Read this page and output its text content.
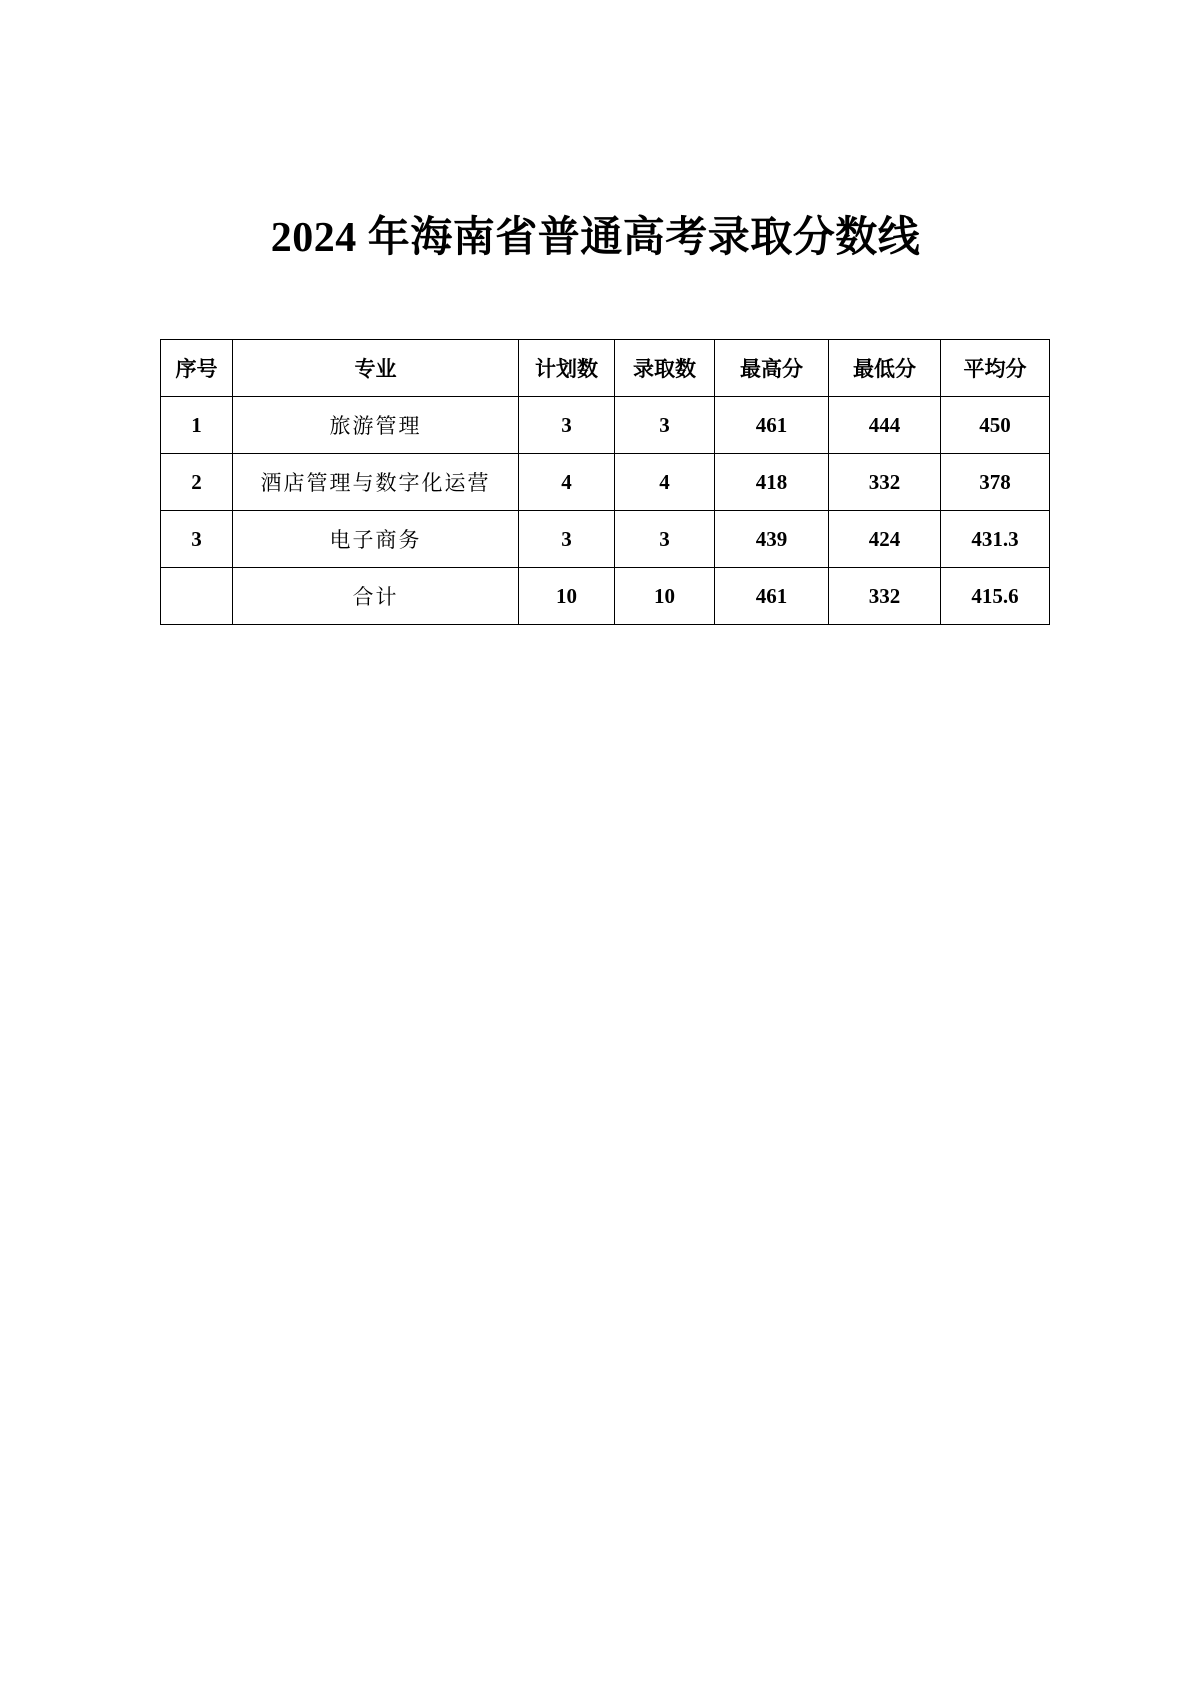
2024 年海南省普通高考录取分数线
序号	专业	计划数	录取数	最高分	最低分	平均分
1	旅游管理	3	3	461	444	450
2	酒店管理与数字化运营	4	4	418	332	378
3	电子商务	3	3	439	424	431.3
	合计	10	10	461	332	415.6
